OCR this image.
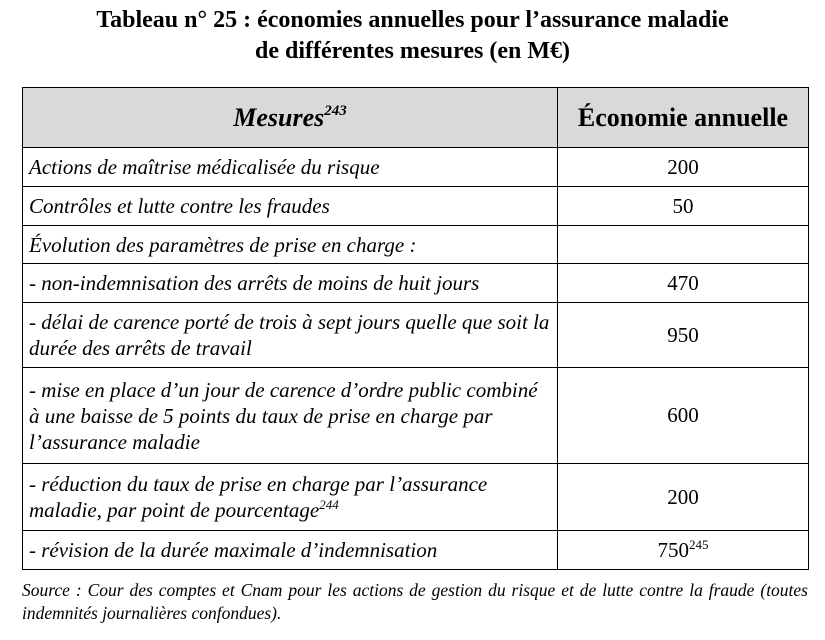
Tableau n° 25 : économies annuelles pour l’assurance maladie
de différentes mesures (en M€)
Mesures$^{243}$	Économie annuelle
Actions de maîtrise médicalisée du risque	200
Contrôles et lutte contre les fraudes	50
Évolution des paramètres de prise en charge :	
- non-indemnisation des arrêts de moins de huit jours	470
- délai de carence porté de trois à sept jours quelle que soit la durée des arrêts de travail	950
- mise en place d’un jour de carence d’ordre public combiné à une baisse de 5 points du taux de prise en charge par l’assurance maladie	600
- réduction du taux de prise en charge par l’assurance maladie, par point de pourcentage$^{244}$	200
- révision de la durée maximale d’indemnisation	$750^{245}$
Source : Cour des comptes et Cnam pour les actions de gestion du risque et de lutte contre la fraude (toutes indemnités journalières confondues).
